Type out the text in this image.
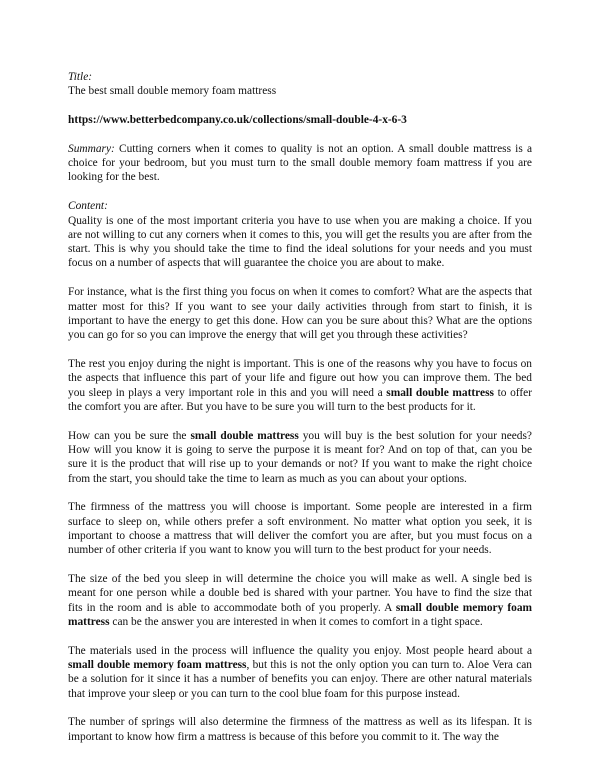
Title:

The best small double memory foam mattress

https://www.betterbedcompany.co.uk/collections/small-double-4-x-6-3

Summary: Cutting corners when it comes to quality is not an option. A small double mattress is a choice for your bedroom, but you must turn to the small double memory foam mattress if you are looking for the best.

Content:

Quality is one of the most important criteria you have to use when you are making a choice. If you are not willing to cut any corners when it comes to this, you will get the results you are after from the start. This is why you should take the time to find the ideal solutions for your needs and you must focus on a number of aspects that will guarantee the choice you are about to make.

For instance, what is the first thing you focus on when it comes to comfort? What are the aspects that matter most for this? If you want to see your daily activities through from start to finish, it is important to have the energy to get this done. How can you be sure about this? What are the options you can go for so you can improve the energy that will get you through these activities?

The rest you enjoy during the night is important. This is one of the reasons why you have to focus on the aspects that influence this part of your life and figure out how you can improve them. The bed you sleep in plays a very important role in this and you will need a small double mattress to offer the comfort you are after. But you have to be sure you will turn to the best products for it.

How can you be sure the small double mattress you will buy is the best solution for your needs? How will you know it is going to serve the purpose it is meant for? And on top of that, can you be sure it is the product that will rise up to your demands or not? If you want to make the right choice from the start, you should take the time to learn as much as you can about your options.

The firmness of the mattress you will choose is important. Some people are interested in a firm surface to sleep on, while others prefer a soft environment. No matter what option you seek, it is important to choose a mattress that will deliver the comfort you are after, but you must focus on a number of other criteria if you want to know you will turn to the best product for your needs.

The size of the bed you sleep in will determine the choice you will make as well. A single bed is meant for one person while a double bed is shared with your partner. You have to find the size that fits in the room and is able to accommodate both of you properly. A small double memory foam mattress can be the answer you are interested in when it comes to comfort in a tight space.

The materials used in the process will influence the quality you enjoy. Most people heard about a small double memory foam mattress, but this is not the only option you can turn to. Aloe Vera can be a solution for it since it has a number of benefits you can enjoy. There are other natural materials that improve your sleep or you can turn to the cool blue foam for this purpose instead.

The number of springs will also determine the firmness of the mattress as well as its lifespan. It is important to know how firm a mattress is because of this before you commit to it. The way the
